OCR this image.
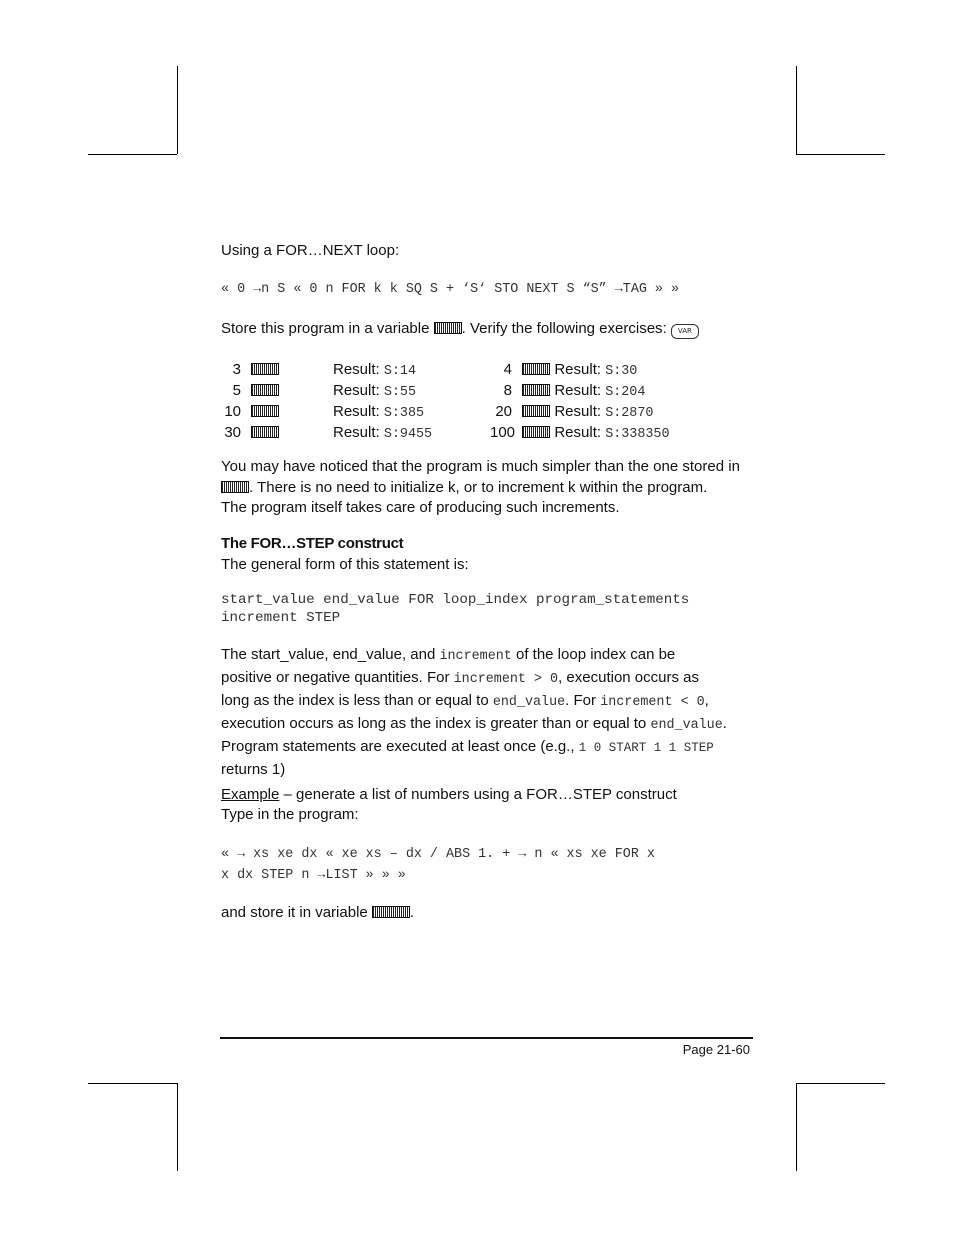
Using a FOR…NEXT loop:
« 0 →n S « 0 n FOR k k SQ S + ‘S‘ STO NEXT S “S” →TAG » »
Store this program in a variable . Verify the following exercises: VAR
3	Result: S:14	4	Result: S:30
5	Result: S:55	8	Result: S:204
10	Result: S:385	20	Result: S:2870
30	Result: S:9455	100	Result: S:338350
You may have noticed that the program is much simpler than the one stored in
. There is no need to initialize k, or to increment k within the program.
The program itself takes care of producing such increments.
The FOR…STEP construct
The general form of this statement is:
start_value end_value FOR loop_index program_statements
increment STEP
The start_value, end_value, and increment of the loop index can be
positive or negative quantities. For increment > 0, execution occurs as
long as the index is less than or equal to end_value. For increment < 0,
execution occurs as long as the index is greater than or equal to end_value.
Program statements are executed at least once (e.g., 1 0 START 1 1 STEP
returns 1)
Example – generate a list of numbers using a FOR…STEP construct
Type in the program:
« → xs xe dx « xe xs – dx / ABS 1. + → n « xs xe FOR x
x dx STEP n →LIST » » »
and store it in variable	.
Page 21-60
